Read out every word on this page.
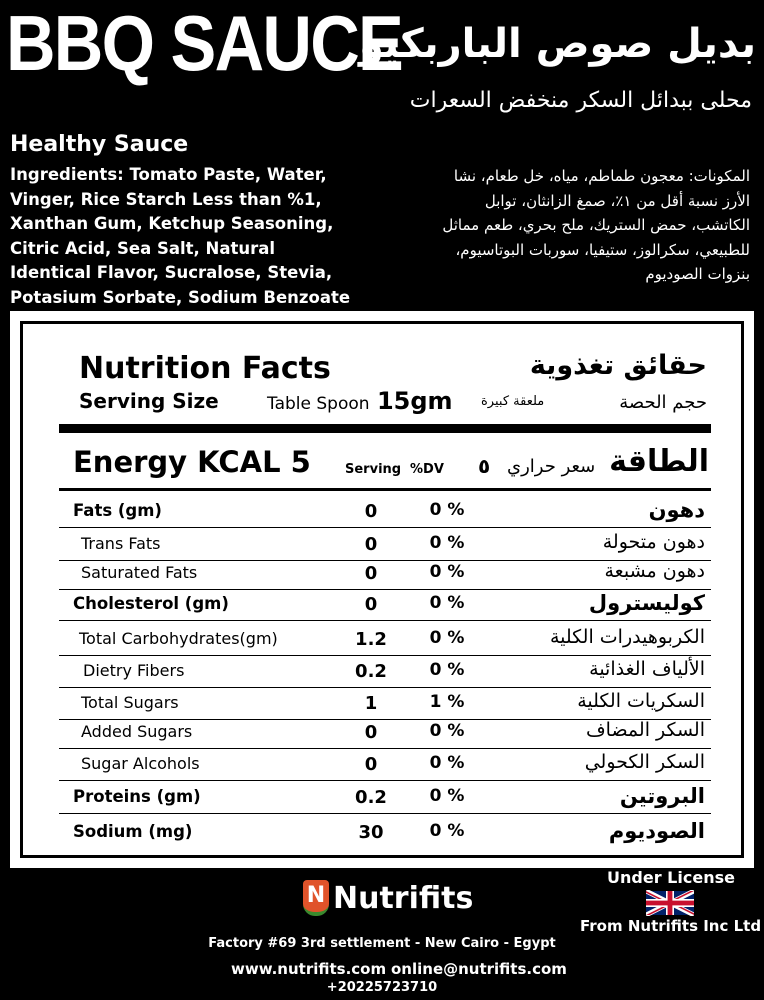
BBQ SAUCE
بديل صوص الباربكيو
محلى ببدائل السكر منخفض السعرات
Healthy Sauce
Ingredients: Tomato Paste, Water,
Vinger, Rice Starch Less than %1,
Xanthan Gum, Ketchup Seasoning,
Citric Acid, Sea Salt, Natural
Identical Flavor, Sucralose, Stevia,
Potasium Sorbate, Sodium Benzoate
المكونات: معجون طماطم، مياه، خل طعام، نشا
الأرز نسبة أقل من ١٪، صمغ الزانثان، توابل
الكاتشب، حمض الستريك، ملح بحري، طعم مماثل
للطبيعي، سكرالوز، ستيفيا، سوربات البوتاسيوم،
بنزوات الصوديوم
Nutrition Facts	حقائق تغذوية
Serving Size	Table Spoon 15gm ملعقة كبيرة	حجم الحصة
Energy KCAL 5	Serving %DV ٥ سعر حراري الطاقة
Fats (gm)	0	0 %	دهون
Trans Fats	0	0 %	دهون متحولة
Saturated Fats	0	0 %	دهون مشبعة
Cholesterol (gm)	0	0 %	كوليسترول
Total Carbohydrates(gm)	1.2	0 %	الكربوهيدرات الكلية
Dietry Fibers	0.2	0 %	الألياف الغذائية
Total Sugars	1	1 %	السكريات الكلية
Added Sugars	0	0 %	السكر المضاف
Sugar Alcohols	0	0 %	السكر الكحولي
Proteins (gm)	0.2	0 %	البروتين
Sodium (mg)	30	0 %	الصوديوم
N Nutrifits
Under License
From Nutrifits Inc Ltd
Factory #69 3rd settlement - New Cairo - Egypt
www.nutrifits.com online@nutrifits.com
+20225723710
